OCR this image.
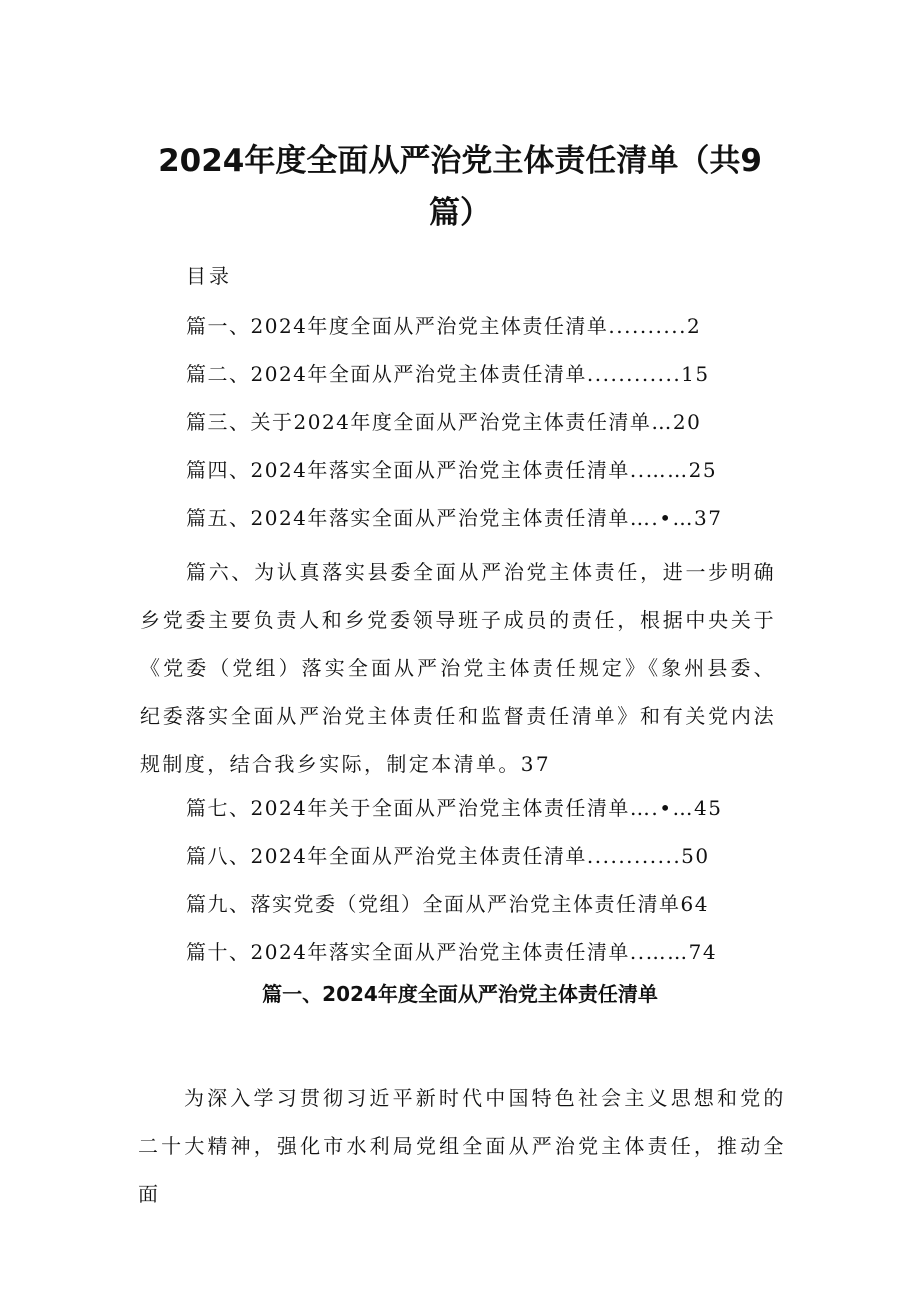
2024年度全面从严治党主体责任清单（共9
篇）
目录
篇一、2024年度全面从严治党主体责任清单..........2
篇二、2024年全面从严治党主体责任清单............15
篇三、关于2024年度全面从严治党主体责任清单…20
篇四、2024年落实全面从严治党主体责任清单..……25
篇五、2024年落实全面从严治党主体责任清单….•…37
篇六、为认真落实县委全面从严治党主体责任，进一步明确乡党委主要负责人和乡党委领导班子成员的责任，根据中央关于《党委（党组）落实全面从严治党主体责任规定》《象州县委、纪委落实全面从严治党主体责任和监督责任清单》和有关党内法规制度，结合我乡实际，制定本清单。37
篇七、2024年关于全面从严治党主体责任清单….•…45
篇八、2024年全面从严治党主体责任清单............50
篇九、落实党委（党组）全面从严治党主体责任清单64
篇十、2024年落实全面从严治党主体责任清单..……74
篇一、2024年度全面从严治党主体责任清单

为深入学习贯彻习近平新时代中国特色社会主义思想和党的二十大精神，强化市水利局党组全面从严治党主体责任，推动全面
